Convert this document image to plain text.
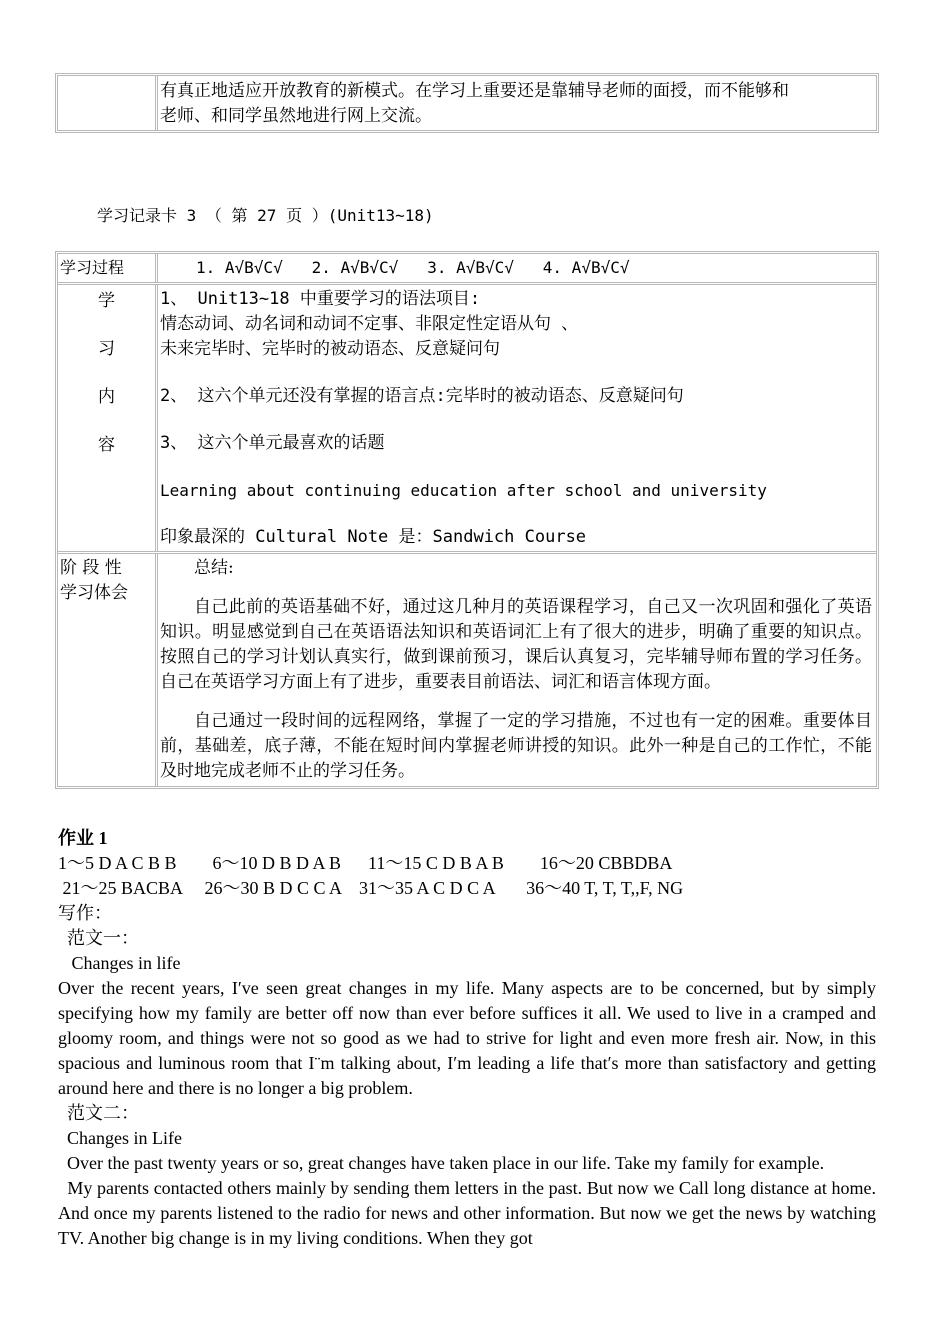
有真正地适应开放教育的新模式。在学习上重要还是靠辅导老师的面授，而不能够和
老师、和同学虽然地进行网上交流。
学习记录卡 3 （ 第 27 页 ）(Unit13~18)
学习过程	1. A√B√C√   2. A√B√C√   3. A√B√C√   4. A√B√C√
学
习
内
容
1、 Unit13~18 中重要学习的语法项目:
情态动词、动名词和动词不定事、非限定性定语从句 、
未来完毕时、完毕时的被动语态、反意疑问句
2、 这六个单元还没有掌握的语言点:完毕时的被动语态、反意疑问句
3、 这六个单元最喜欢的话题
Learning about continuing education after school and university
印象最深的 Cultural Note 是：Sandwich Course
阶 段 性
学习体会

总结:

自己此前的英语基础不好，通过这几种月的英语课程学习，自己又一次巩固和强化了英语知识。明显感觉到自己在英语语法知识和英语词汇上有了很大的进步，明确了重要的知识点。按照自己的学习计划认真实行，做到课前预习，课后认真复习，完毕辅导师布置的学习任务。自己在英语学习方面上有了进步，重要表目前语法、词汇和语言体现方面。

自己通过一段时间的远程网络，掌握了一定的学习措施，不过也有一定的困难。重要体目前，基础差，底子薄，不能在短时间内掌握老师讲授的知识。此外一种是自己的工作忙，不能及时地完成老师不止的学习任务。

作业 1
1～5 D A C B B        6～10 D B D A B      11～15 C D B A B        16～20 CBBDBA
21～25 BACBA     26～30 B D C C A    31～35 A C D C A       36～40 T, T, T,,F, NG
写作：
范文一：
Changes in life
Over the recent years, I′ve seen great changes in my life. Many aspects are to be concerned, but by simply specifying how my family are better off now than ever before suffices it all. We used to live in a cramped and gloomy room, and things were not so good as we had to strive for light and even more fresh air. Now, in this spacious and luminous room that I¨m talking about, I′m leading a life that′s more than satisfactory and getting around here and there is no longer a big problem.
范文二：
Changes in Life
Over the past twenty years or so, great changes have taken place in our life. Take my family for example.
My parents contacted others mainly by sending them letters in the past. But now we Call long distance at home. And once my parents listened to the radio for news and other information. But now we get the news by watching TV. Another big change is in my living conditions. When they got
